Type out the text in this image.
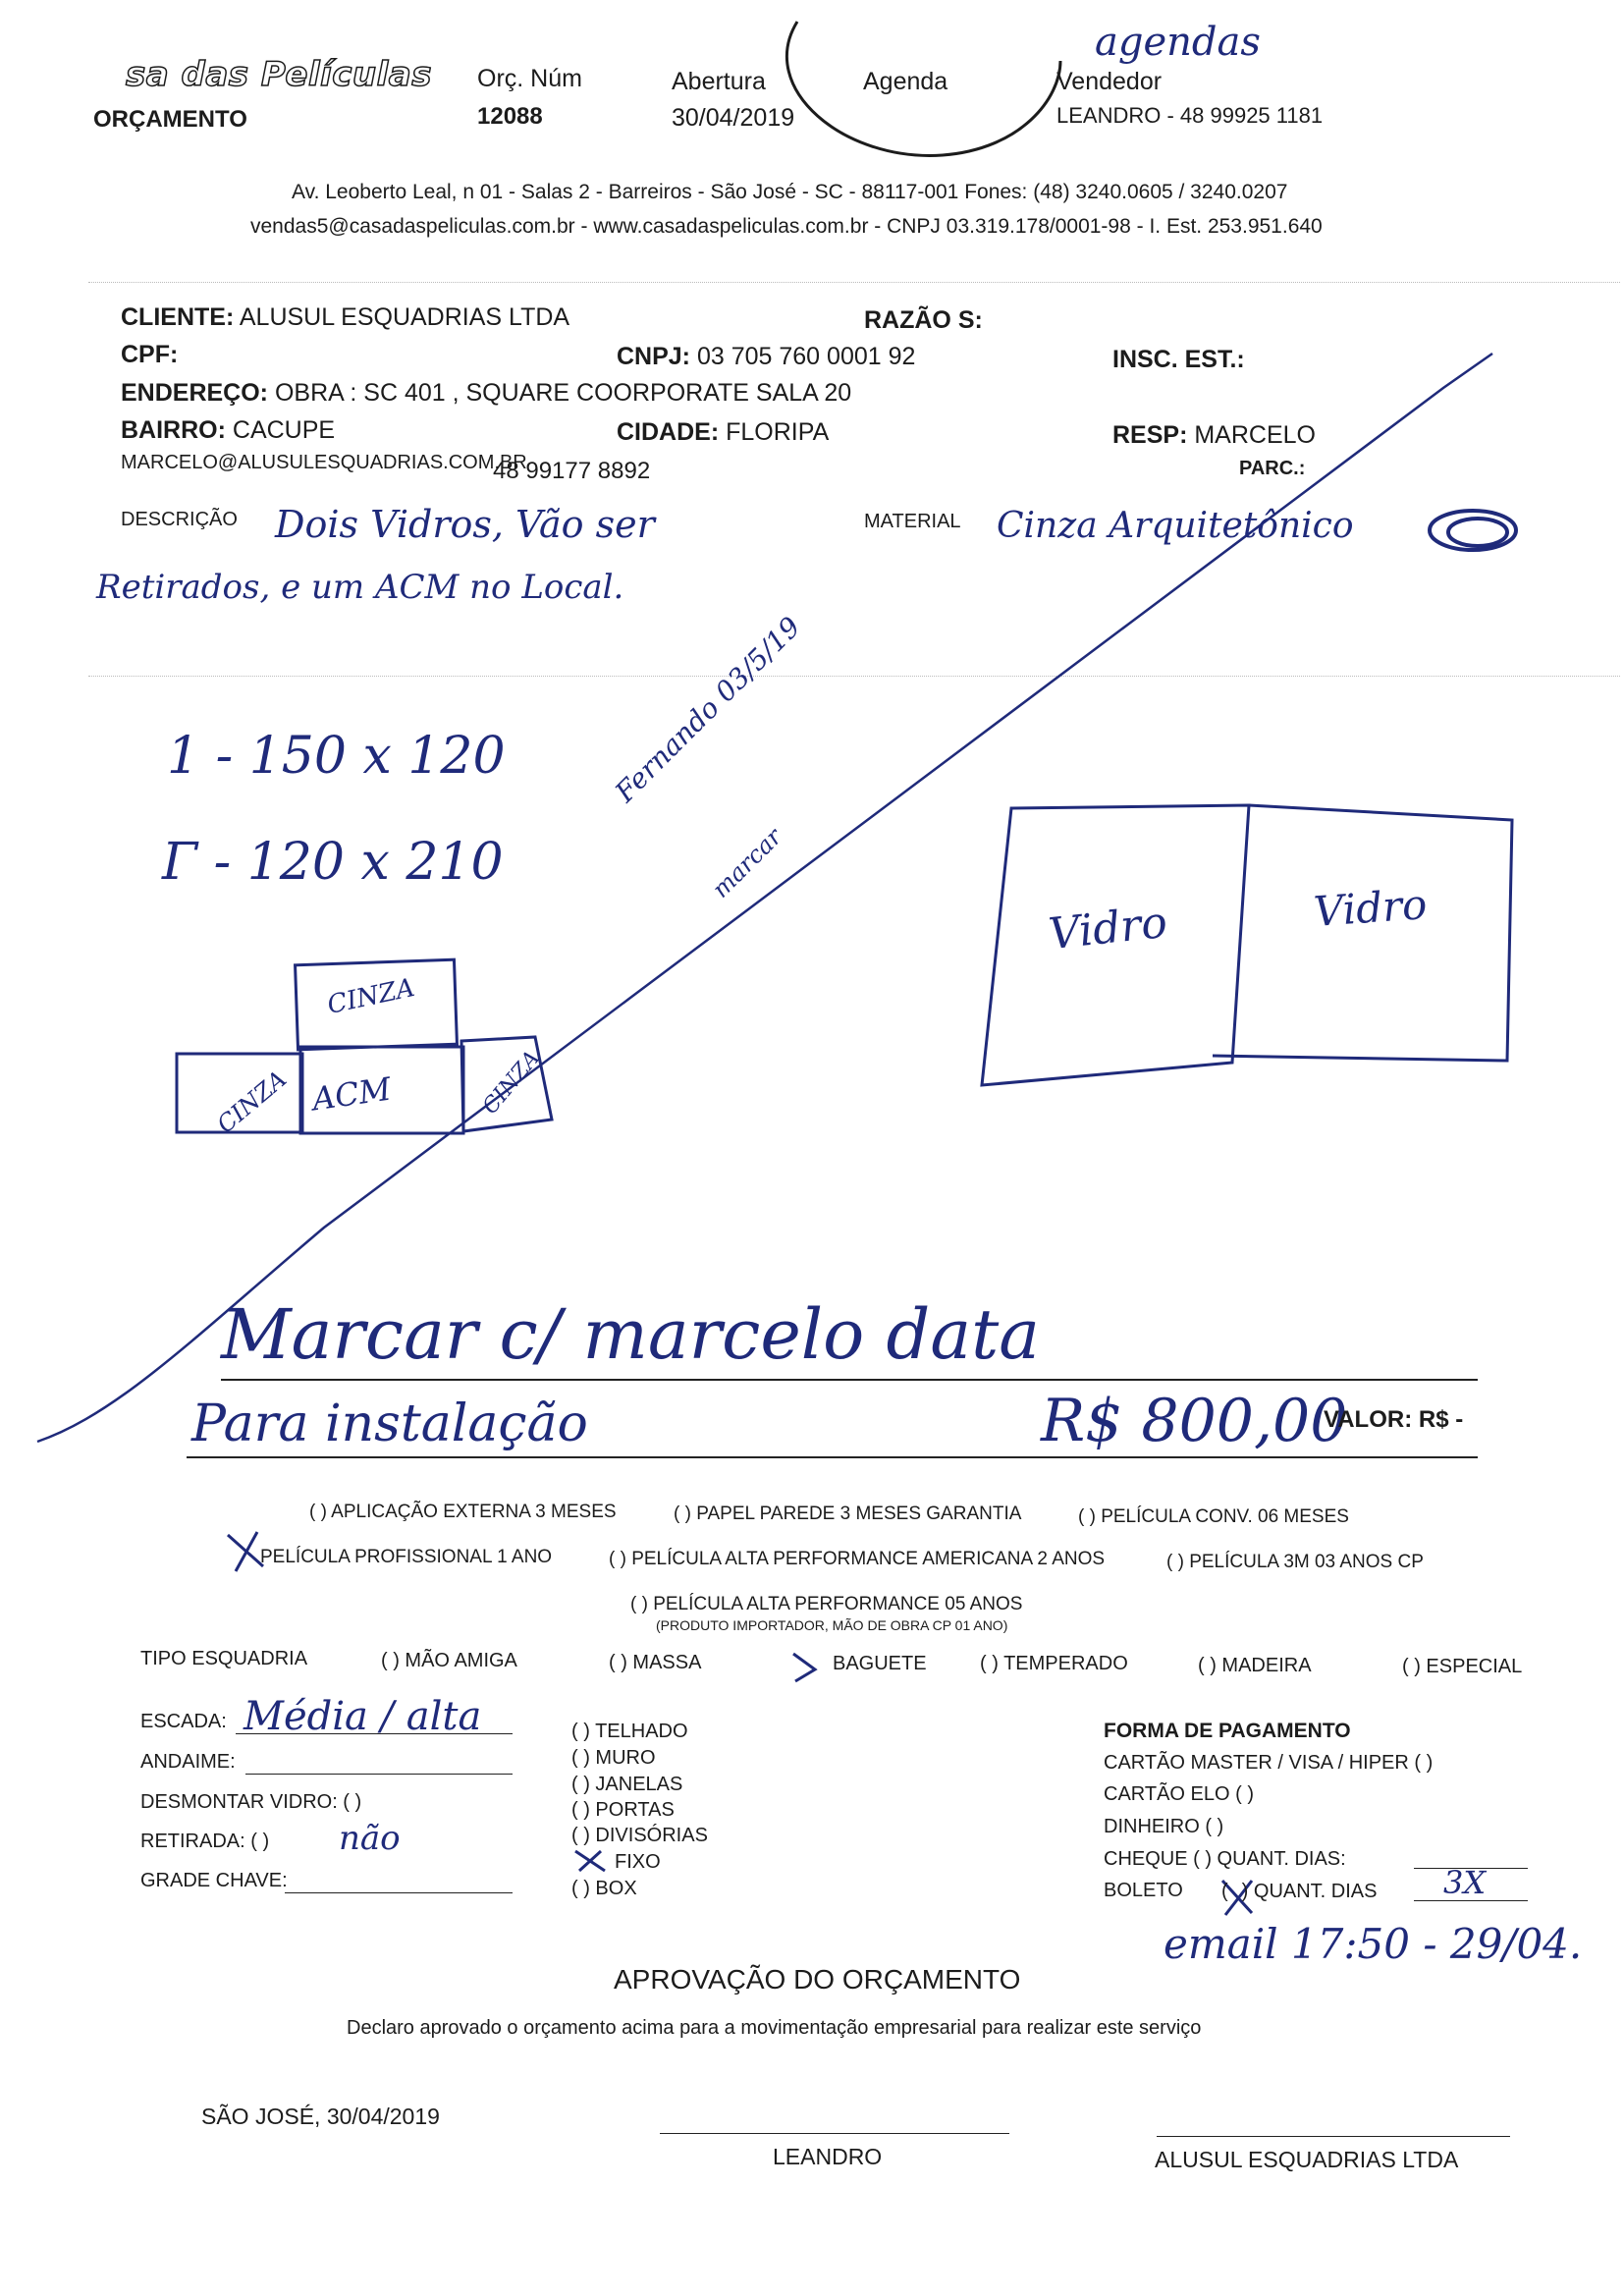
sa das Películas
ORÇAMENTO
Orç. Núm
12088
Abertura
30/04/2019
Agenda	Vendedor
LEANDRO - 48 99925 1181
agendas
Av. Leoberto Leal, n 01 - Salas 2 - Barreiros - São José - SC - 88117-001 Fones: (48) 3240.0605 / 3240.0207
vendas5@casadaspeliculas.com.br - www.casadaspeliculas.com.br - CNPJ 03.319.178/0001-98 - I. Est. 253.951.640
CLIENTE: ALUSUL ESQUADRIAS LTDA	RAZÃO S:
CPF:	CNPJ: 03 705 760 0001 92	INSC. EST.:
ENDEREÇO: OBRA : SC 401 , SQUARE COORPORATE SALA 20
BAIRRO: CACUPE	CIDADE: FLORIPA	RESP: MARCELO
MARCELO@ALUSULESQUADRIAS.COM.BR
48 99177 8892	PARC.:
DESCRIÇÃO Dois Vidros, Vão ser
Retirados, e um ACM no Local.
MATERIAL Cinza Arquitetônico
1 - 150 x 120
Γ - 120 x 210
CINZA
CINZA ACM	CINZA
Vidro	Vidro
Fernando 03/5/19
marcar
Marcar c/ marcelo data
Para instalação	R$ 800,00
VALOR: R$ -
( ) APLICAÇÃO EXTERNA 3 MESES	( ) PAPEL PAREDE 3 MESES GARANTIA	( ) PELÍCULA CONV. 06 MESES
PELÍCULA PROFISSIONAL 1 ANO	( ) PELÍCULA ALTA PERFORMANCE AMERICANA 2 ANOS	( ) PELÍCULA 3M 03 ANOS CP
( ) PELÍCULA ALTA PERFORMANCE 05 ANOS
(PRODUTO IMPORTADOR, MÃO DE OBRA CP 01 ANO)
TIPO ESQUADRIA	( ) MÃO AMIGA	( ) MASSA	BAGUETE	( ) TEMPERADO	( ) MADEIRA	( ) ESPECIAL
ESCADA: Média / alta
ANDAIME:
DESMONTAR VIDRO: ( )
RETIRADA: ( ) não
GRADE CHAVE:
( ) TELHADO
( ) MURO
( ) JANELAS
( ) PORTAS
( ) DIVISÓRIAS
FIXO
( ) BOX
FORMA DE PAGAMENTO
CARTÃO MASTER / VISA / HIPER ( )
CARTÃO ELO ( )
DINHEIRO ( )
CHEQUE ( ) QUANT. DIAS:
BOLETO ( ) QUANT. DIAS 3X
email 17:50 - 29/04.
APROVAÇÃO DO ORÇAMENTO
Declaro aprovado o orçamento acima para a movimentação empresarial para realizar este serviço
SÃO JOSÉ, 30/04/2019
LEANDRO	ALUSUL ESQUADRIAS LTDA
